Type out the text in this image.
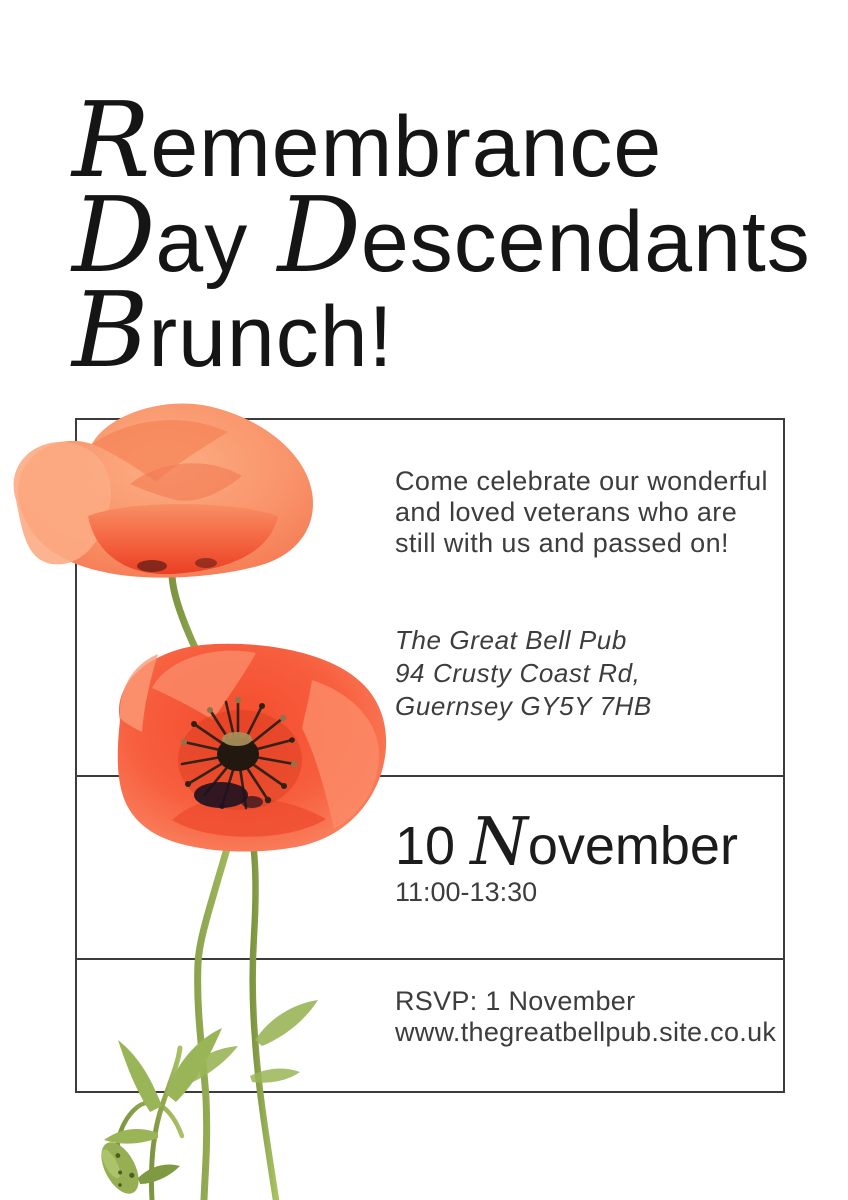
Remembrance
Day Descendants
Brunch!
Come celebrate our wonderful
and loved veterans who are
still with us and passed on!
The Great Bell Pub
94 Crusty Coast Rd,
Guernsey GY5Y 7HB
10 November
11:00-13:30
RSVP: 1 November
www.thegreatbellpub.site.co.uk
